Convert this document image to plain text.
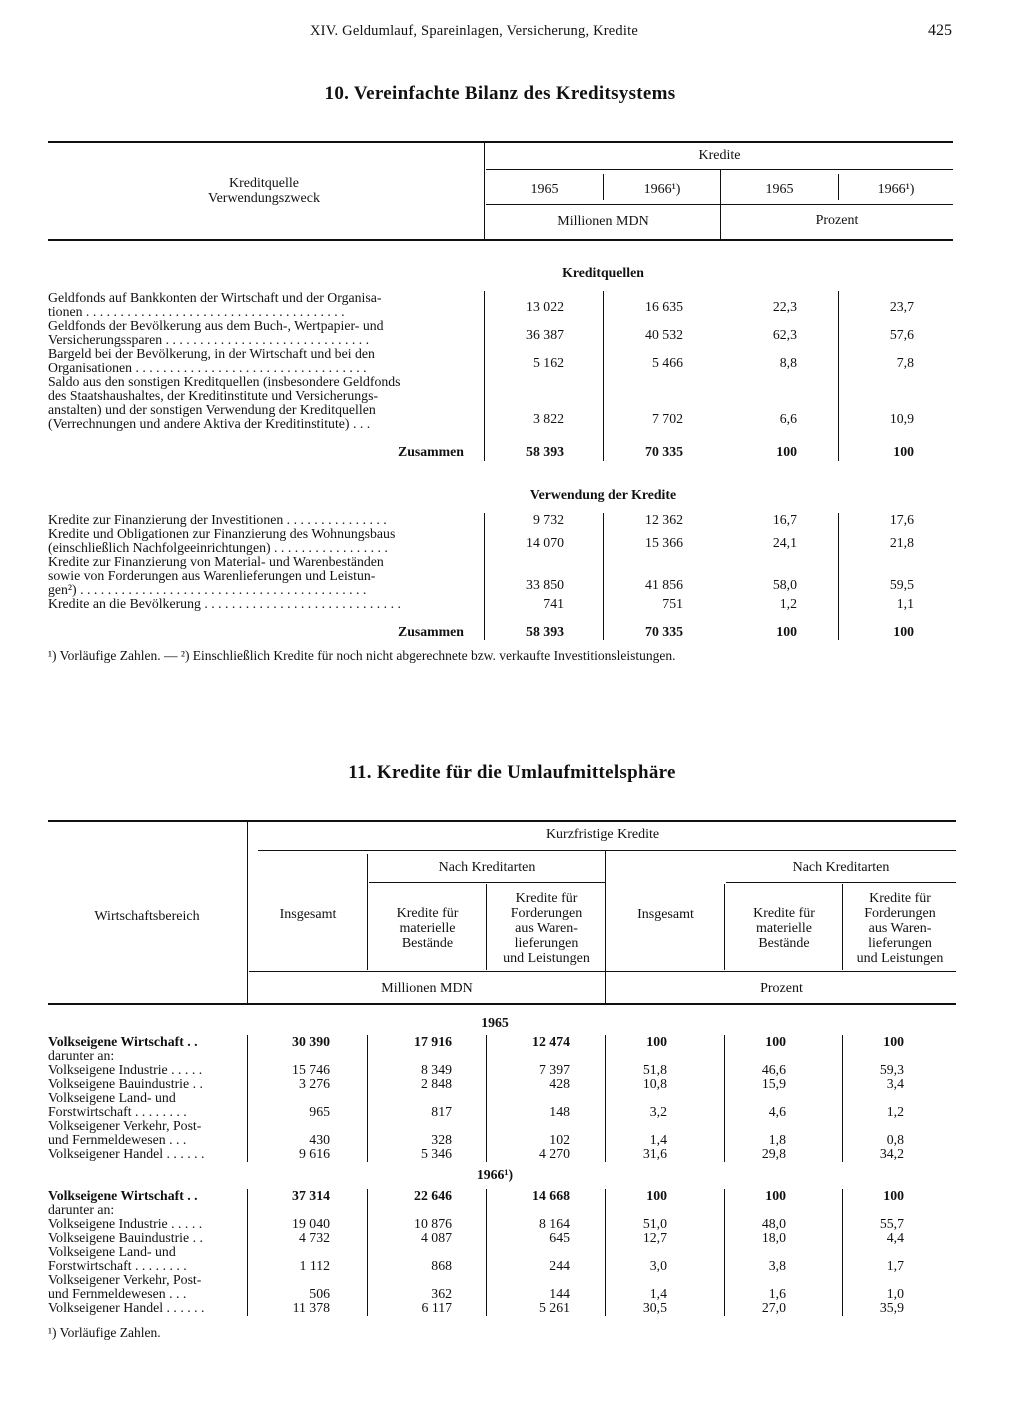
XIV. Geldumlauf, Spareinlagen, Versicherung, Kredite	425
10. Vereinfachte Bilanz des Kreditsystems
Kreditquelle
Verwendungszweck
Kredite
1965	1966¹)	1965	1966¹)
Millionen MDN	Prozent
Kreditquellen
Geldfonds auf Bankkonten der Wirtschaft und der Organisa-
tionen . . . . . . . . . . . . . . . . . . . . . . . . . . . . . . . . . . . . . .	13 022	16 635	22,3	23,7
Geldfonds der Bevölkerung aus dem Buch-, Wertpapier- und
Versicherungssparen . . . . . . . . . . . . . . . . . . . . . . . . . . . . . .	36 387	40 532	62,3	57,6
Bargeld bei der Bevölkerung, in der Wirtschaft und bei den
Organisationen . . . . . . . . . . . . . . . . . . . . . . . . . . . . . . . . . .	5 162	5 466	8,8	7,8
Saldo aus den sonstigen Kreditquellen (insbesondere Geldfonds
des Staatshaushaltes, der Kreditinstitute und Versicherungs-
anstalten) und der sonstigen Verwendung der Kreditquellen
(Verrechnungen und andere Aktiva der Kreditinstitute) . . .	3 822	7 702	6,6	10,9
Zusammen	58 393	70 335	100	100
Verwendung der Kredite
Kredite zur Finanzierung der Investitionen . . . . . . . . . . . . . . .	9 732	12 362	16,7	17,6
Kredite und Obligationen zur Finanzierung des Wohnungsbaus
(einschließlich Nachfolgeeinrichtungen) . . . . . . . . . . . . . . . . .	14 070	15 366	24,1	21,8
Kredite zur Finanzierung von Material- und Warenbeständen
sowie von Forderungen aus Warenlieferungen und Leistun-
gen²) . . . . . . . . . . . . . . . . . . . . . . . . . . . . . . . . . . . . . . . . . .	33 850	41 856	58,0	59,5
Kredite an die Bevölkerung . . . . . . . . . . . . . . . . . . . . . . . . . . . . .	741	751	1,2	1,1
Zusammen	58 393	70 335	100	100
¹) Vorläufige Zahlen. — ²) Einschließlich Kredite für noch nicht abgerechnete bzw. verkaufte Investitionsleistungen.
11. Kredite für die Umlaufmittelsphäre
Wirtschaftsbereich
Kurzfristige Kredite
Nach Kreditarten	Nach Kreditarten
Insgesamt	Insgesamt
Kredite für
materielle
Bestände
Kredite für
Forderungen
aus Waren-
lieferungen
und Leistungen
Kredite für
materielle
Bestände
Kredite für
Forderungen
aus Waren-
lieferungen
und Leistungen
Millionen MDN	Prozent
1965
1966¹)
Volkseigene Wirtschaft . .	30 390	17 916	12 474	100	100	100
darunter an:
Volkseigene Industrie . . . . .	15 746	8 349	7 397	51,8	46,6	59,3
Volkseigene Bauindustrie . .	3 276	2 848	428	10,8	15,9	3,4
Volkseigene Land- und
Forstwirtschaft . . . . . . . .	965	817	148	3,2	4,6	1,2
Volkseigener Verkehr, Post-
und Fernmeldewesen . . .	430	328	102	1,4	1,8	0,8
Volkseigener Handel . . . . . .	9 616	5 346	4 270	31,6	29,8	34,2
Volkseigene Wirtschaft . .	37 314	22 646	14 668	100	100	100
darunter an:
Volkseigene Industrie . . . . .	19 040	10 876	8 164	51,0	48,0	55,7
Volkseigene Bauindustrie . .	4 732	4 087	645	12,7	18,0	4,4
Volkseigene Land- und
Forstwirtschaft . . . . . . . .	1 112	868	244	3,0	3,8	1,7
Volkseigener Verkehr, Post-
und Fernmeldewesen . . .	506	362	144	1,4	1,6	1,0
Volkseigener Handel . . . . . .	11 378	6 117	5 261	30,5	27,0	35,9
¹) Vorläufige Zahlen.
